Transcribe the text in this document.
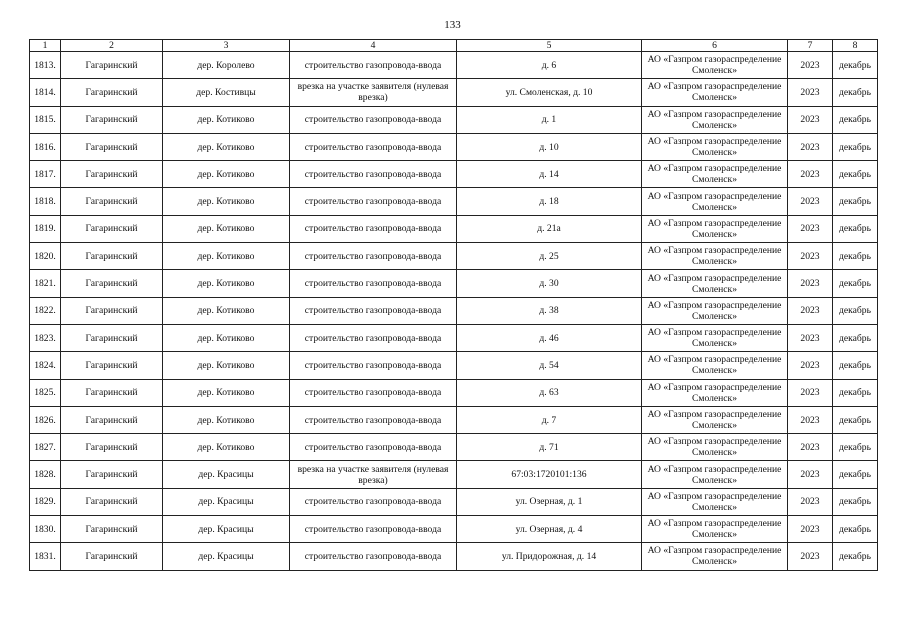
133
1	2	3	4	5	6	7	8
1813.	Гагаринский	дер. Королево	строительство газопровода-ввода	д. 6	АО «Газпром газораспределение Смоленск»	2023	декабрь
1814.	Гагаринский	дер. Костивцы	врезка на участке заявителя (нулевая врезка)	ул. Смоленская, д. 10	АО «Газпром газораспределение Смоленск»	2023	декабрь
1815.	Гагаринский	дер. Котиково	строительство газопровода-ввода	д. 1	АО «Газпром газораспределение Смоленск»	2023	декабрь
1816.	Гагаринский	дер. Котиково	строительство газопровода-ввода	д. 10	АО «Газпром газораспределение Смоленск»	2023	декабрь
1817.	Гагаринский	дер. Котиково	строительство газопровода-ввода	д. 14	АО «Газпром газораспределение Смоленск»	2023	декабрь
1818.	Гагаринский	дер. Котиково	строительство газопровода-ввода	д. 18	АО «Газпром газораспределение Смоленск»	2023	декабрь
1819.	Гагаринский	дер. Котиково	строительство газопровода-ввода	д. 21а	АО «Газпром газораспределение Смоленск»	2023	декабрь
1820.	Гагаринский	дер. Котиково	строительство газопровода-ввода	д. 25	АО «Газпром газораспределение Смоленск»	2023	декабрь
1821.	Гагаринский	дер. Котиково	строительство газопровода-ввода	д. 30	АО «Газпром газораспределение Смоленск»	2023	декабрь
1822.	Гагаринский	дер. Котиково	строительство газопровода-ввода	д. 38	АО «Газпром газораспределение Смоленск»	2023	декабрь
1823.	Гагаринский	дер. Котиково	строительство газопровода-ввода	д. 46	АО «Газпром газораспределение Смоленск»	2023	декабрь
1824.	Гагаринский	дер. Котиково	строительство газопровода-ввода	д. 54	АО «Газпром газораспределение Смоленск»	2023	декабрь
1825.	Гагаринский	дер. Котиково	строительство газопровода-ввода	д. 63	АО «Газпром газораспределение Смоленск»	2023	декабрь
1826.	Гагаринский	дер. Котиково	строительство газопровода-ввода	д. 7	АО «Газпром газораспределение Смоленск»	2023	декабрь
1827.	Гагаринский	дер. Котиково	строительство газопровода-ввода	д. 71	АО «Газпром газораспределение Смоленск»	2023	декабрь
1828.	Гагаринский	дер. Красицы	врезка на участке заявителя (нулевая врезка)	67:03:1720101:136	АО «Газпром газораспределение Смоленск»	2023	декабрь
1829.	Гагаринский	дер. Красицы	строительство газопровода-ввода	ул. Озерная, д. 1	АО «Газпром газораспределение Смоленск»	2023	декабрь
1830.	Гагаринский	дер. Красицы	строительство газопровода-ввода	ул. Озерная, д. 4	АО «Газпром газораспределение Смоленск»	2023	декабрь
1831.	Гагаринский	дер. Красицы	строительство газопровода-ввода	ул. Придорожная, д. 14	АО «Газпром газораспределение Смоленск»	2023	декабрь
